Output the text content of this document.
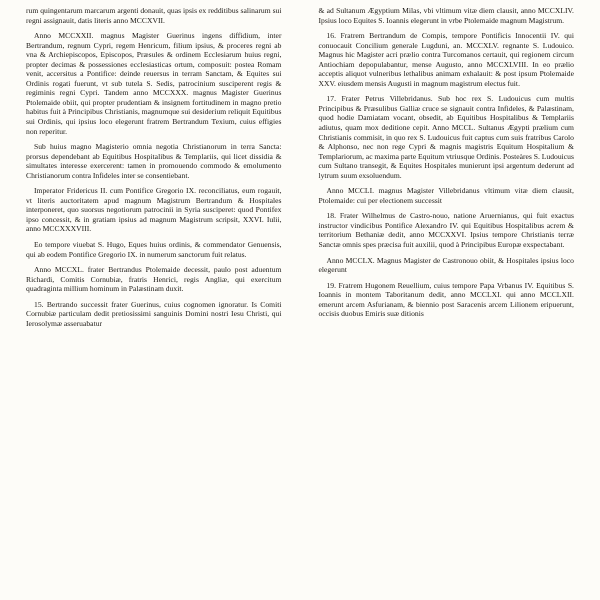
rum quingentarum marcarum argenti donauit, quas ipsis ex redditibus salinarum sui regni assignauit, datis literis anno MCCXVII.

Anno MCCXXII. magnus Magister Guerinus ingens diffidium, inter Bertrandum, regnum Cypri, regem Henricum, filium ipsius, & proceres regni ab vna & Archiepiscopos, Episcopos, Præsules & ordinem Ecclesiarum huius regni, propter decimas & possessiones ecclesiasticas ortum, composuit: postea Romam venit, accersitus a Pontifice: deinde reuersus in terram Sanctam, & Equites sui Ordinis rogati fuerunt, vt sub tutela S. Sedis, patrocinium susciperent regis & regiminis regni Cypri. Tandem anno MCCXXX. magnus Magister Guerinus Ptolemaide obiit, qui propter prudentiam & insignem fortitudinem in magno pretio habitus fuit à Principibus Christianis, magnumque sui desiderium reliquit Equitibus sui Ordinis, qui ipsius loco elegerunt fratrem Bertrandum Texium, cuius effigies non reperitur.

Sub huius magno Magisterio omnia negotia Christianorum in terra Sancta: prorsus dependebant ab Equitibus Hospitalibus & Templariis, qui licet dissidia & simultates interesse exercerent: tamen in promouendo commodo & emolumento Christianorum contra Infideles inter se consentiebant.

Imperator Fridericus II. cum Pontifice Gregorio IX. reconciliatus, eum rogauit, vt literis auctoritatem apud magnum Magistrum Bertrandum & Hospitales interponeret, quo suorsus negotiorum patrocinii in Syria susciperet: quod Pontifex ipso concessit, & in gratiam ipsius ad magnum Magistrum scripsit, XXVI. Iulii, anno MCCXXXVIII.

Eo tempore viuebat S. Hugo, Eques huius ordinis, & commendator Genuensis, qui ab eodem Pontifice Gregorio IX. in numerum sanctorum fuit relatus.

Anno MCCXL. frater Bertrandus Ptolemaide decessit, paulo post aduentum Richardi, Comitis Cornubiæ, fratris Henrici, regis Angliæ, qui exercitum quadraginta millium hominum in Palæstinam duxit.

15. Bertrando successit frater Guerinus, cuius cognomen ignoratur. Is Comiti Cornubiæ particulam dedit pretiosissimi sanguinis Domini nostri Iesu Christi, qui Ierosolymæ asseruabatur

& ad Sultanum Ægyptium Milas, vbi vltimum vitæ diem clausit, anno MCCXLIV. Ipsius loco Equites S. Ioannis elegerunt in vrbe Ptolemaide magnum Magistrum.

16. Fratrem Bertrandum de Compis, tempore Pontificis Innocentii IV. qui conuocauit Concilium generale Lugduni, an. MCCXLV. regnante S. Ludouico. Magnus hic Magister acri prælio contra Turcomanos certauit, qui regionem circum Antiochiam depopulabantur, mense Augusto, anno MCCXLVIII. In eo prælio acceptis aliquot vulneribus lethalibus animam exhalauit: & post ipsum Ptolemaide XXV. eiusdem mensis Augusti in magnum magistrum electus fuit.

17. Frater Petrus Villebridanus. Sub hoc rex S. Ludouicus cum multis Principibus & Præsulibus Galliæ cruce se signauit contra Infideles, & Palæstinam, quod hodie Damiatam vocant, obsedit, ab Equitibus Hospitalibus & Templariis adiutus, quam mox deditione cepit. Anno MCCL. Sultanus Ægypti prælium cum Christianis commisit, in quo rex S. Ludouicus fuit captus cum suis fratribus Carolo & Alphonso, nec non rege Cypri & magnis magistris Equitum Hospitalium & Templariorum, ac maxima parte Equitum vtriusque Ordinis. Posteàres S. Ludouicus cum Sultano transegit, & Equites Hospitales munierunt ipsi argentum dederunt ad lytrum suum exsoluendum.

Anno MCCLI. magnus Magister Villebridanus vltimum vitæ diem clausit, Ptolemaide: cui per electionem successit

18. Frater Wilhelmus de Castro-nouo, natione Aruernianus, qui fuit exactus instructor vindicibus Pontifice Alexandro IV. qui Equitibus Hospitalibus acrem & territorium Bethaniæ dedit, anno MCCXXVI. Ipsius tempore Christianis terræ Sanctæ omnis spes præcisa fuit auxilii, quod à Principibus Europæ exspectabant.

Anno MCCLX. Magnus Magister de Castronouo obiit, & Hospitales ipsius loco elegerunt

19. Fratrem Hugonem Reuellium, cuius tempore Papa Vrbanus IV. Equitibus S. Ioannis in montem Taboritanum dedit, anno MCCLXI. qui anno MCCLXII. emerunt arcem Asfurianam, & biennio post Saracenis arcem Lilionem eripuerunt, occisis duobus Emiris suæ ditionis
